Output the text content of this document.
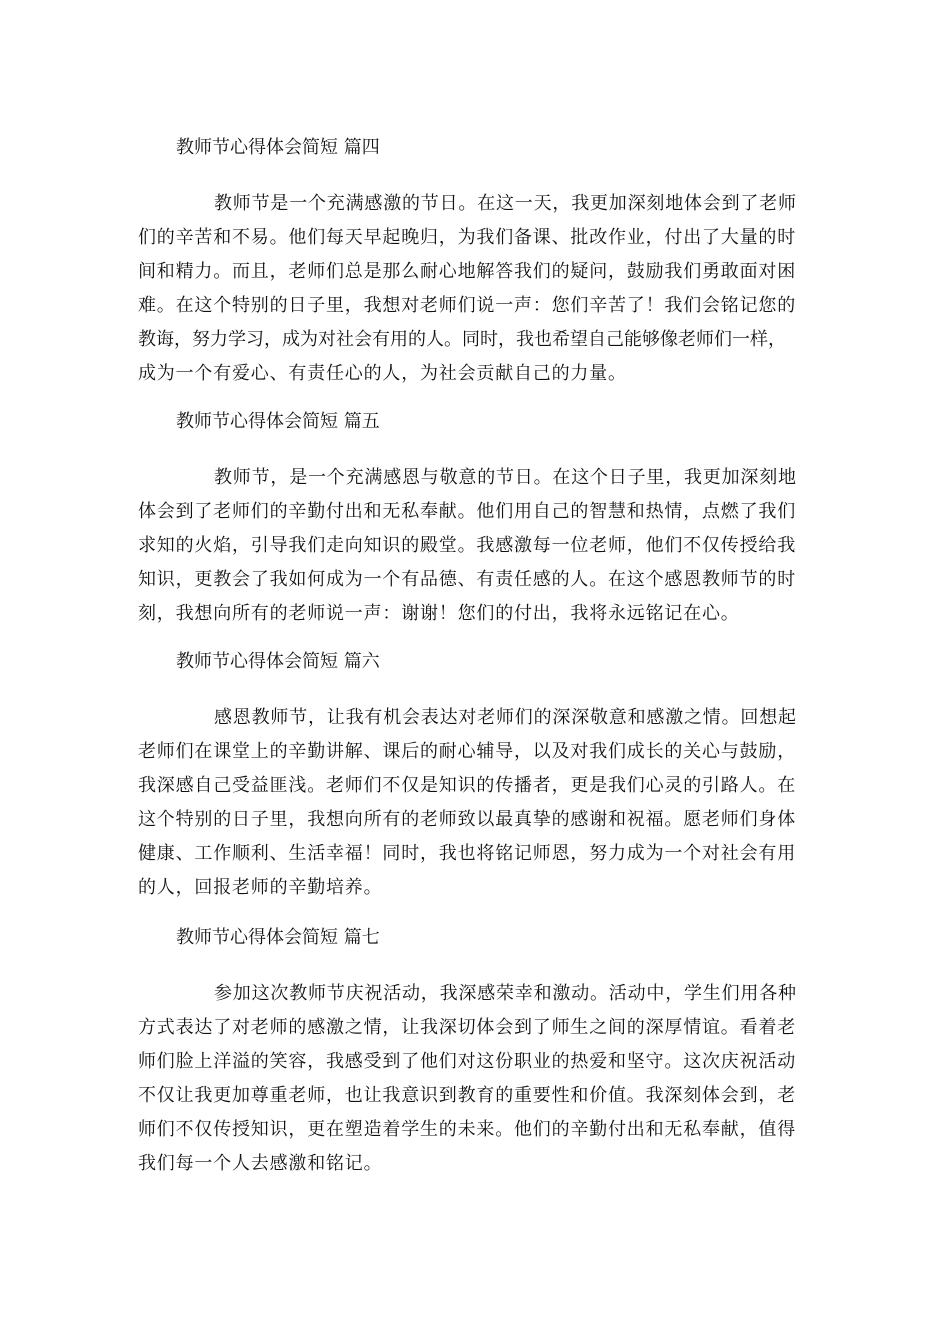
教师节心得体会简短 篇四

教师节是一个充满感激的节日。在这一天，我更加深刻地体会到了老师
们的辛苦和不易。他们每天早起晚归，为我们备课、批改作业，付出了大量的时
间和精力。而且，老师们总是那么耐心地解答我们的疑问，鼓励我们勇敢面对困
难。在这个特别的日子里，我想对老师们说一声：您们辛苦了！我们会铭记您的
教诲，努力学习，成为对社会有用的人。同时，我也希望自己能够像老师们一样，
成为一个有爱心、有责任心的人，为社会贡献自己的力量。

教师节心得体会简短 篇五

教师节，是一个充满感恩与敬意的节日。在这个日子里，我更加深刻地
体会到了老师们的辛勤付出和无私奉献。他们用自己的智慧和热情，点燃了我们
求知的火焰，引导我们走向知识的殿堂。我感激每一位老师，他们不仅传授给我
知识，更教会了我如何成为一个有品德、有责任感的人。在这个感恩教师节的时
刻，我想向所有的老师说一声：谢谢！您们的付出，我将永远铭记在心。

教师节心得体会简短 篇六

感恩教师节，让我有机会表达对老师们的深深敬意和感激之情。回想起
老师们在课堂上的辛勤讲解、课后的耐心辅导，以及对我们成长的关心与鼓励，
我深感自己受益匪浅。老师们不仅是知识的传播者，更是我们心灵的引路人。在
这个特别的日子里，我想向所有的老师致以最真挚的感谢和祝福。愿老师们身体
健康、工作顺利、生活幸福！同时，我也将铭记师恩，努力成为一个对社会有用
的人，回报老师的辛勤培养。

教师节心得体会简短 篇七

参加这次教师节庆祝活动，我深感荣幸和激动。活动中，学生们用各种
方式表达了对老师的感激之情，让我深切体会到了师生之间的深厚情谊。看着老
师们脸上洋溢的笑容，我感受到了他们对这份职业的热爱和坚守。这次庆祝活动
不仅让我更加尊重老师，也让我意识到教育的重要性和价值。我深刻体会到，老
师们不仅传授知识，更在塑造着学生的未来。他们的辛勤付出和无私奉献，值得
我们每一个人去感激和铭记。
